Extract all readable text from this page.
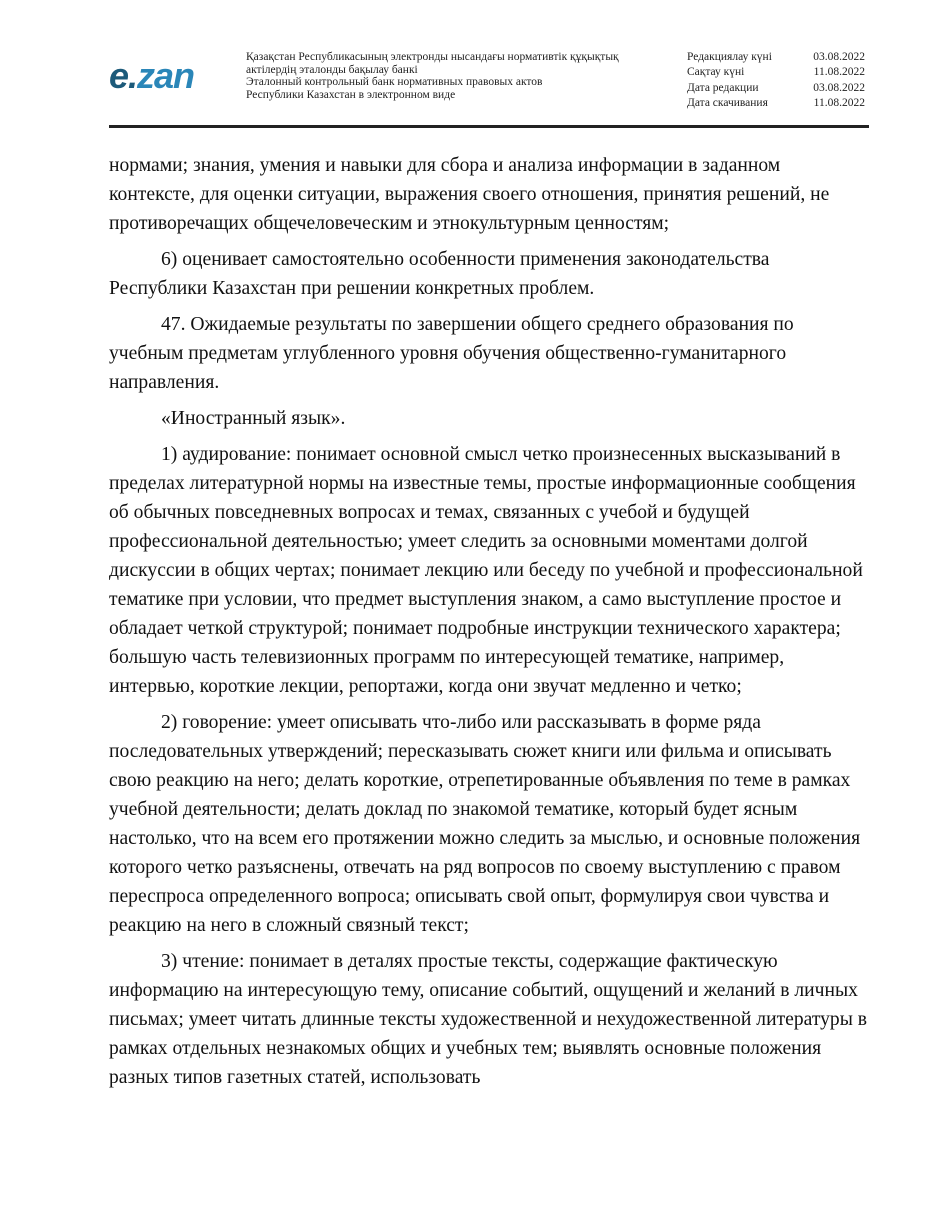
e.zan	Қазақстан Республикасының электронды нысандағы нормативтік құқықтық
актілердің эталонды бақылау банкі
Эталонный контрольный банк нормативных правовых актов
Республики Казахстан в электронном виде
Редакциялау күні	03.08.2022
Сақтау күні	11.08.2022
Дата редакции	03.08.2022
Дата скачивания	11.08.2022

нормами; знания, умения и навыки для сбора и анализа информации в заданном контексте, для оценки ситуации, выражения своего отношения, принятия решений, не противоречащих общечеловеческим и этнокультурным ценностям;

6) оценивает самостоятельно особенности применения законодательства Республики Казахстан при решении конкретных проблем.

47. Ожидаемые результаты по завершении общего среднего образования по учебным предметам углубленного уровня обучения общественно-гуманитарного направления.

«Иностранный язык».

1) аудирование: понимает основной смысл четко произнесенных высказываний в пределах литературной нормы на известные темы, простые информационные сообщения об обычных повседневных вопросах и темах, связанных с учебой и будущей профессиональной деятельностью; умеет следить за основными моментами долгой дискуссии в общих чертах; понимает лекцию или беседу по учебной и профессиональной тематике при условии, что предмет выступления знаком, а само выступление простое и обладает четкой структурой; понимает подробные инструкции технического характера; большую часть телевизионных программ по интересующей тематике, например, интервью, короткие лекции, репортажи, когда они звучат медленно и четко;

2) говорение: умеет описывать что-либо или рассказывать в форме ряда последовательных утверждений; пересказывать сюжет книги или фильма и описывать свою реакцию на него; делать короткие, отрепетированные объявления по теме в рамках учебной деятельности; делать доклад по знакомой тематике, который будет ясным настолько, что на всем его протяжении можно следить за мыслью, и основные положения которого четко разъяснены, отвечать на ряд вопросов по своему выступлению с правом переспроса определенного вопроса; описывать свой опыт, формулируя свои чувства и реакцию на него в сложный связный текст;

3) чтение: понимает в деталях простые тексты, содержащие фактическую информацию на интересующую тему, описание событий, ощущений и желаний в личных письмах; умеет читать длинные тексты художественной и нехудожественной литературы в рамках отдельных незнакомых общих и учебных тем; выявлять основные положения разных типов газетных статей, использовать
